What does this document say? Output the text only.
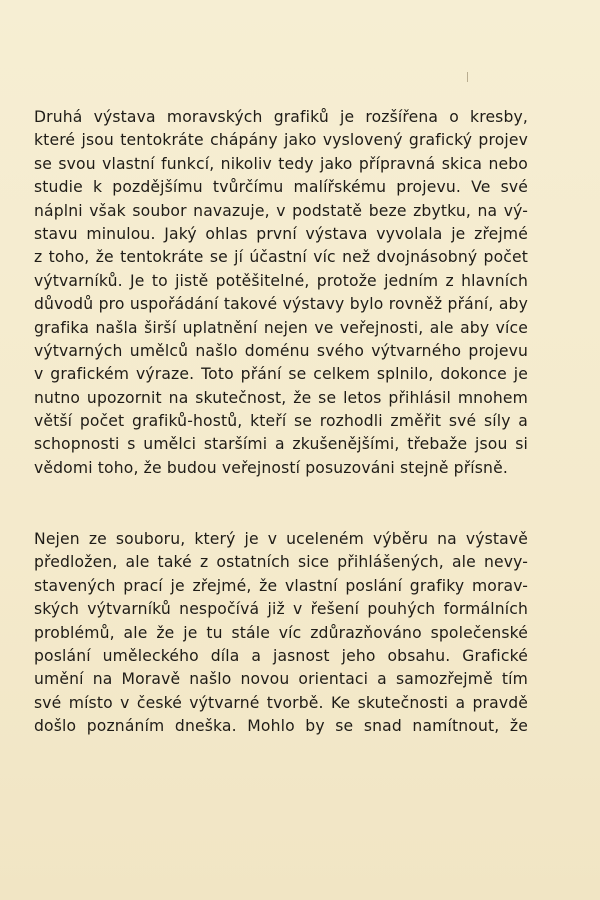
Druhá výstava moravských grafiků je rozšířena o kresby,
které jsou tentokráte chápány jako vyslovený grafický projev
se svou vlastní funkcí, nikoliv tedy jako přípravná skica nebo
studie k pozdějšímu tvůrčímu malířskému projevu. Ve své
náplni však soubor navazuje, v podstatě beze zbytku, na vý-
stavu minulou. Jaký ohlas první výstava vyvolala je zřejmé
z toho, že tentokráte se jí účastní víc než dvojnásobný počet
výtvarníků. Je to jistě potěšitelné, protože jedním z hlavních
důvodů pro uspořádání takové výstavy bylo rovněž přání, aby
grafika našla širší uplatnění nejen ve veřejnosti, ale aby více
výtvarných umělců našlo doménu svého výtvarného projevu
v grafickém výraze. Toto přání se celkem splnilo, dokonce je
nutno upozornit na skutečnost, že se letos přihlásil mnohem
větší počet grafiků-hostů, kteří se rozhodli změřit své síly a
schopnosti s umělci staršími a zkušenějšími, třebaže jsou si
vědomi toho, že budou veřejností posuzováni stejně přísně.
Nejen ze souboru, který je v uceleném výběru na výstavě
předložen, ale také z ostatních sice přihlášených, ale nevy-
stavených prací je zřejmé, že vlastní poslání grafiky morav-
ských výtvarníků nespočívá již v řešení pouhých formálních
problémů, ale že je tu stále víc zdůrazňováno společenské
poslání uměleckého díla a jasnost jeho obsahu. Grafické
umění na Moravě našlo novou orientaci a samozřejmě tím
své místo v české výtvarné tvorbě. Ke skutečnosti a pravdě
došlo poznáním dneška. Mohlo by se snad namítnout, že
